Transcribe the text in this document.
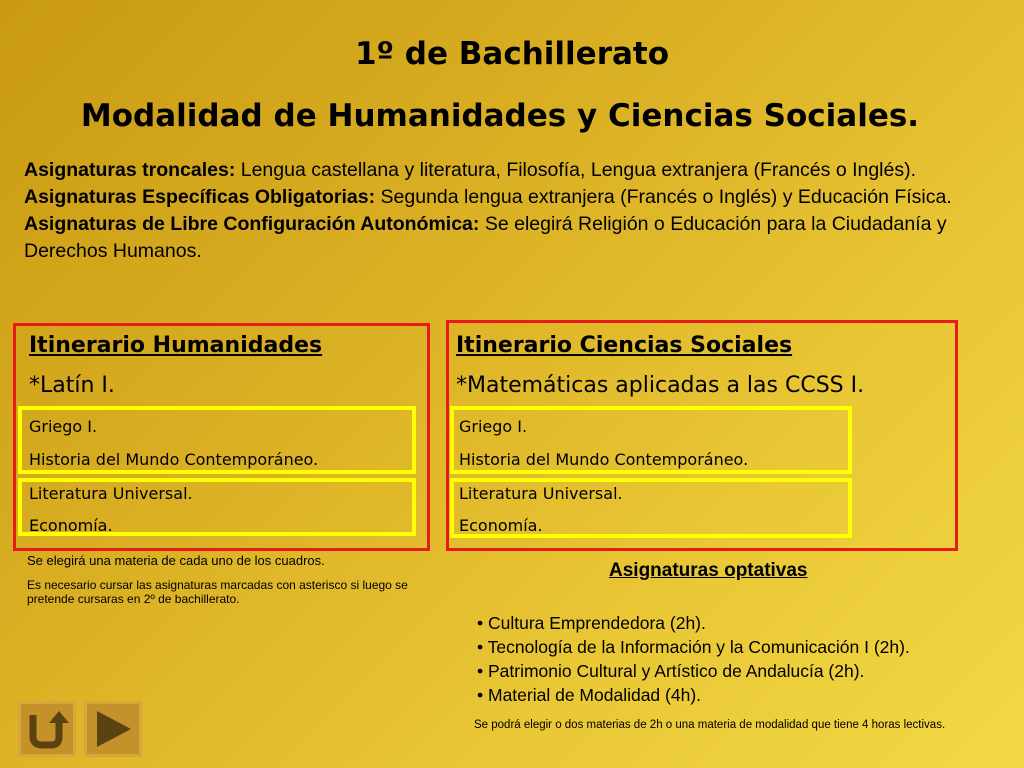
1º de Bachillerato
Modalidad de Humanidades y Ciencias Sociales.

Asignaturas troncales: Lengua castellana y literatura, Filosofía, Lengua extranjera (Francés o Inglés).

Asignaturas Específicas Obligatorias: Segunda lengua extranjera (Francés o Inglés) y Educación Física.

Asignaturas de Libre Configuración Autonómica: Se elegirá Religión o Educación para la Ciudadanía y Derechos Humanos.

Itinerario Humanidades
*Latín I.
Griego I.
Historia del Mundo Contemporáneo.
Literatura Universal.
Economía.
Itinerario Ciencias Sociales
*Matemáticas aplicadas a las CCSS I.
Griego I.
Historia del Mundo Contemporáneo.
Literatura Universal.
Economía.
Se elegirá una materia de cada uno de los cuadros.
Es necesario cursar las asignaturas marcadas con asterisco si luego se pretende cursaras en 2º de bachillerato.
Asignaturas optativas
• Cultura Emprendedora (2h).
• Tecnología de la Información y la Comunicación I (2h).
• Patrimonio Cultural y Artístico de Andalucía (2h).
• Material de Modalidad (4h).
Se podrá elegir o dos materias de 2h o una materia de modalidad que tiene 4 horas lectivas.
